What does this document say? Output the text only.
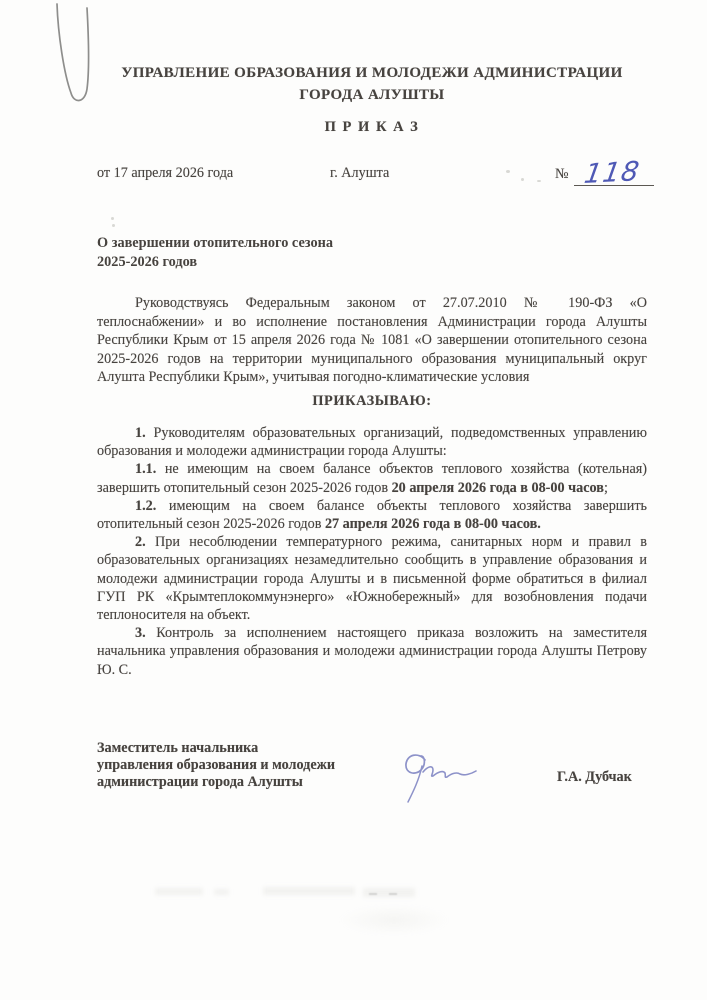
УПРАВЛЕНИЕ ОБРАЗОВАНИЯ И МОЛОДЕЖИ АДМИНИСТРАЦИИ ГОРОДА АЛУШТЫ
П Р И К А З
от 17 апреля 2026 года	г. Алушта	№ 118
О завершении отопительного сезона
2025-2026 годов

Руководствуясь Федеральным законом от 27.07.2010 № 190-ФЗ «О теплоснабжении» и во исполнение постановления Администрации города Алушты Республики Крым от 15 апреля 2026 года № 1081 «О завершении отопительного сезона 2025-2026 годов на территории муниципального образования муниципальный округ Алушта Республики Крым», учитывая погодно-климатические условия

ПРИКАЗЫВАЮ:

1. Руководителям образовательных организаций, подведомственных управлению образования и молодежи администрации города Алушты:

1.1. не имеющим на своем балансе объектов теплового хозяйства (котельная) завершить отопительный сезон 2025-2026 годов 20 апреля 2026 года в 08-00 часов;

1.2. имеющим на своем балансе объекты теплового хозяйства завершить отопительный сезон 2025-2026 годов 27 апреля 2026 года в 08-00 часов.

2. При несоблюдении температурного режима, санитарных норм и правил в образовательных организациях незамедлительно сообщить в управление образования и молодежи администрации города Алушты и в письменной форме обратиться в филиал ГУП РК «Крымтеплокоммунэнерго» «Южнобережный» для возобновления подачи теплоносителя на объект.

3. Контроль за исполнением настоящего приказа возложить на заместителя начальника управления образования и молодежи администрации города Алушты Петрову Ю. С.

Заместитель начальника
управления образования и молодежи
администрации города Алушты	Г.А. Дубчак
